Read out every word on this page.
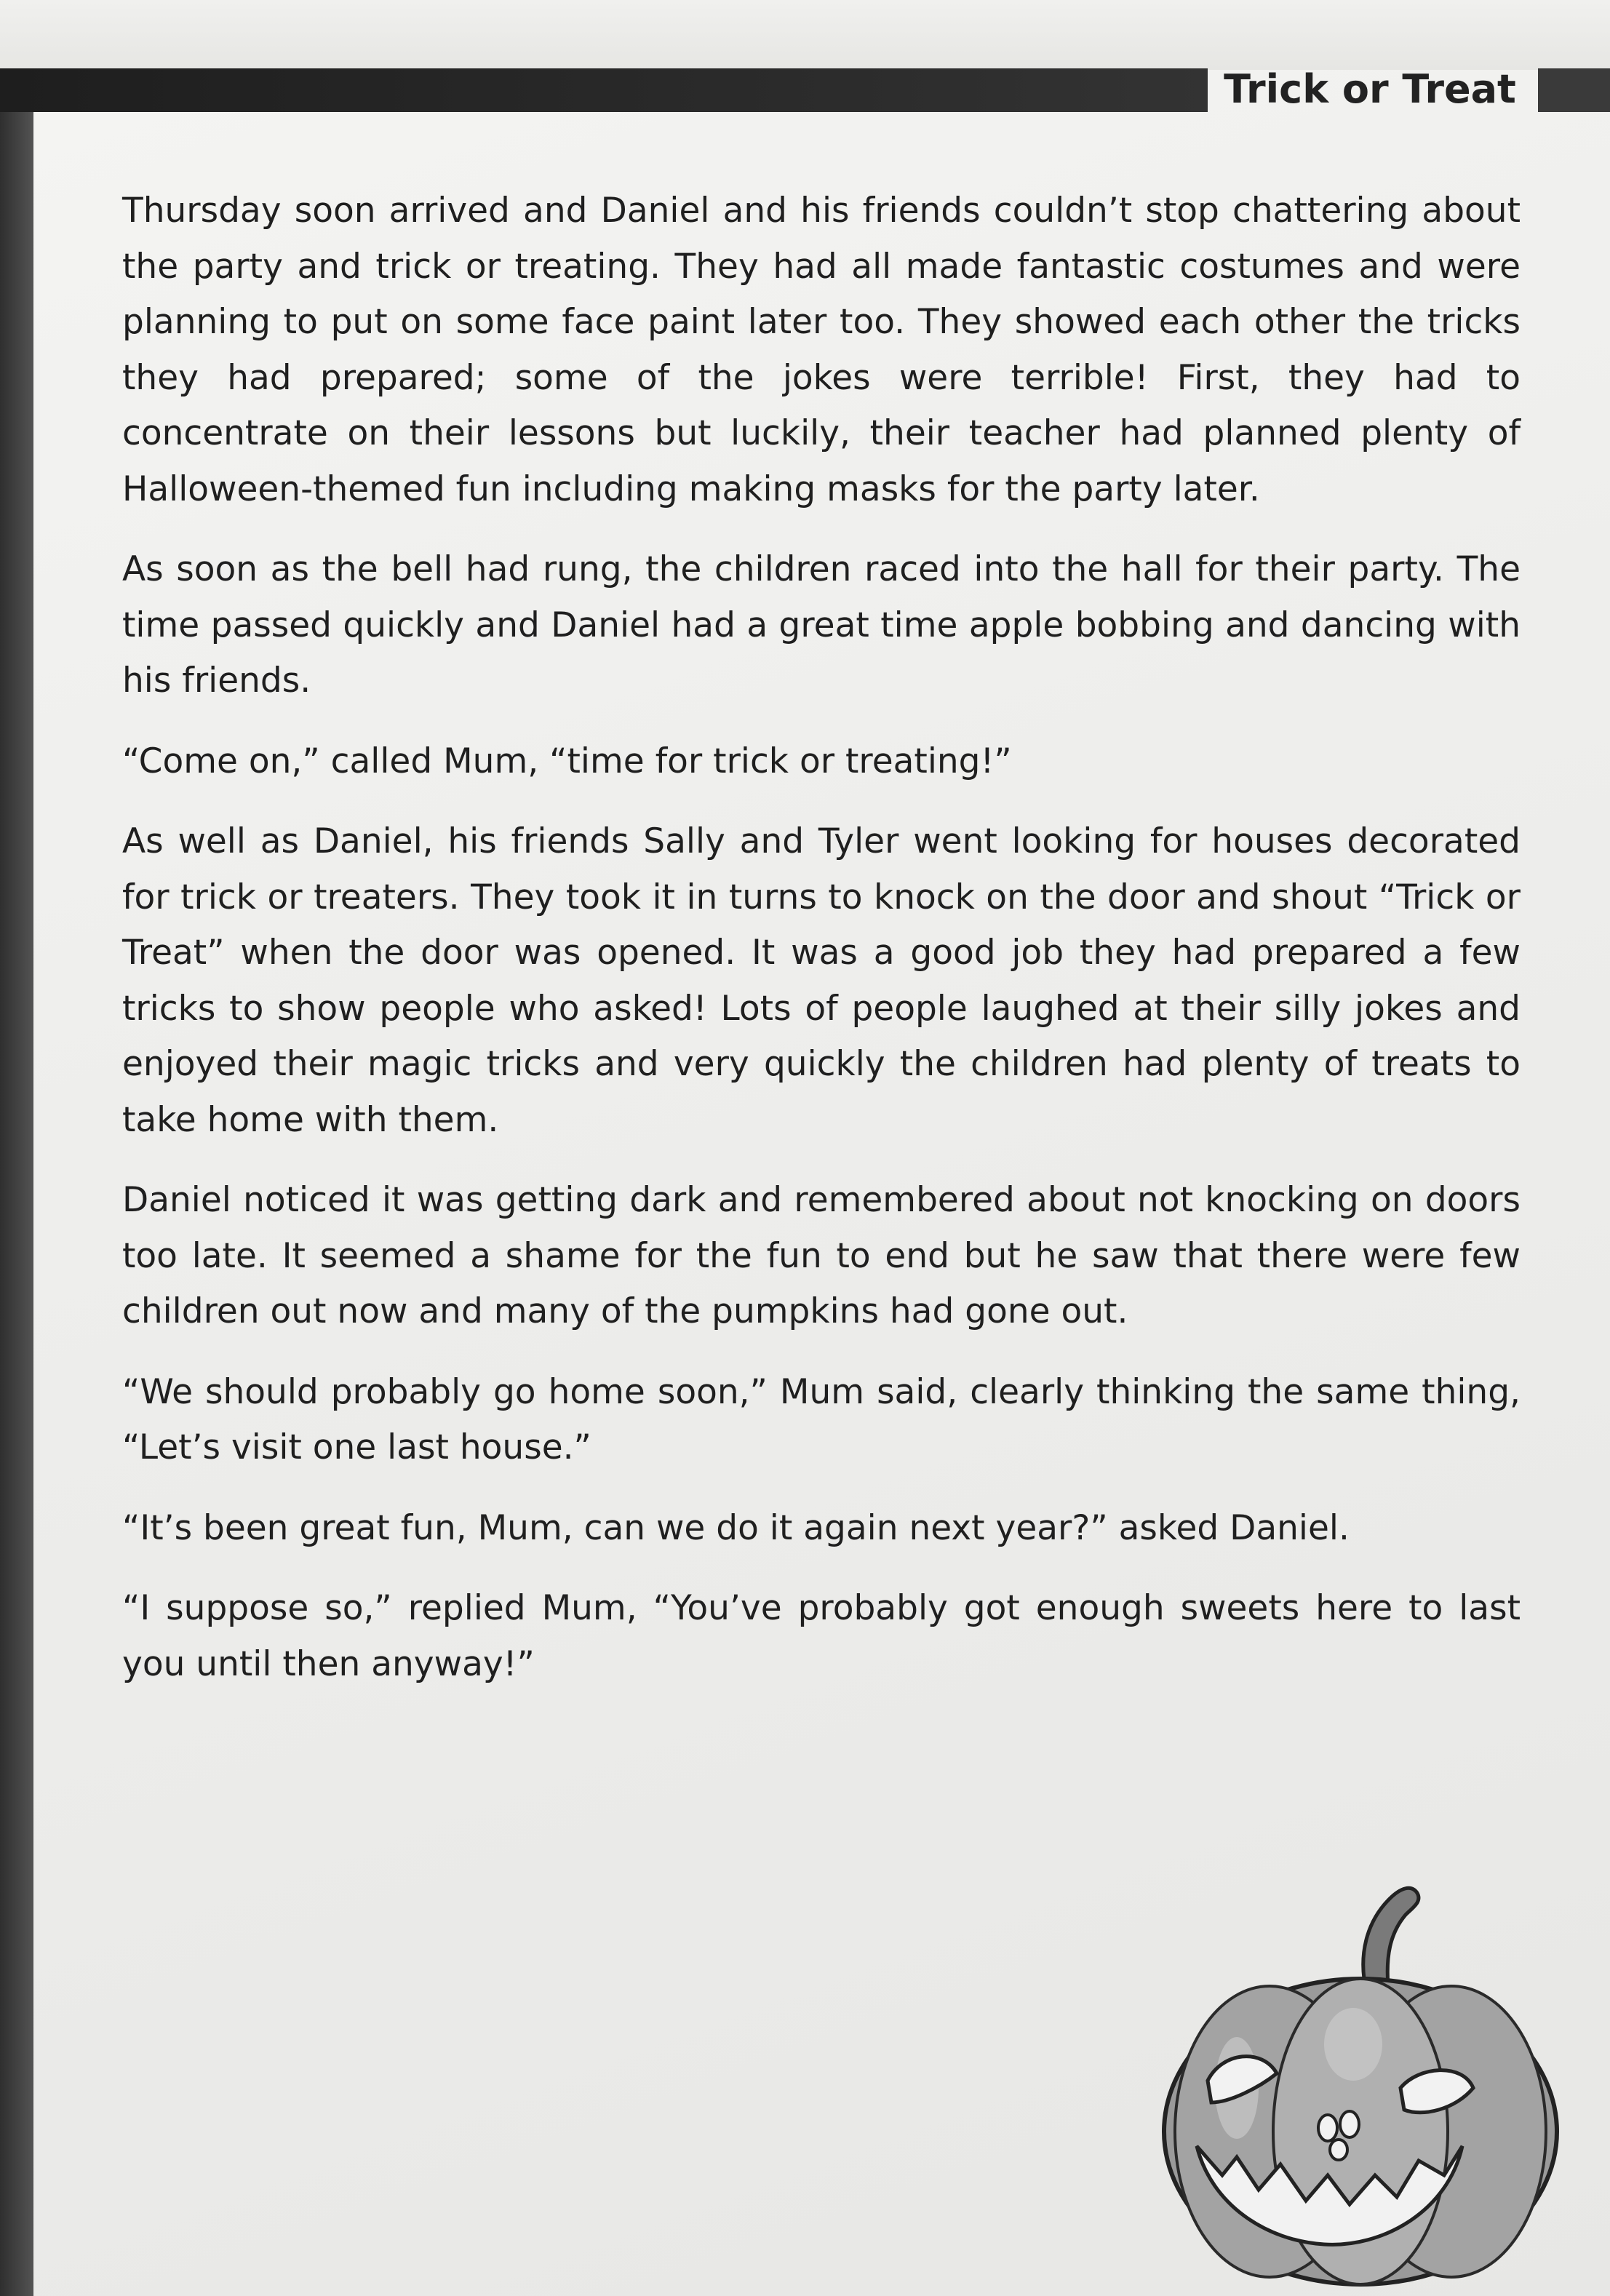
Trick or Treat

Thursday soon arrived and Daniel and his friends couldn’t stop chattering about the party and trick or treating. They had all made fantastic costumes and were planning to put on some face paint later too. They showed each other the tricks they had prepared; some of the jokes were terrible! First, they had to concentrate on their lessons but luckily, their teacher had planned plenty of Halloween-themed fun including making masks for the party later.

As soon as the bell had rung, the children raced into the hall for their party. The time passed quickly and Daniel had a great time apple bobbing and dancing with his friends.

“Come on,” called Mum, “time for trick or treating!”

As well as Daniel, his friends Sally and Tyler went looking for houses decorated for trick or treaters. They took it in turns to knock on the door and shout “Trick or Treat” when the door was opened. It was a good job they had prepared a few tricks to show people who asked! Lots of people laughed at their silly jokes and enjoyed their magic tricks and very quickly the children had plenty of treats to take home with them.

Daniel noticed it was getting dark and remembered about not knocking on doors too late. It seemed a shame for the fun to end but he saw that there were few children out now and many of the pumpkins had gone out.

“We should probably go home soon,” Mum said, clearly thinking the same thing, “Let’s visit one last house.”

“It’s been great fun, Mum, can we do it again next year?” asked Daniel.

“I suppose so,” replied Mum, “You’ve probably got enough sweets here to last you until then anyway!”
